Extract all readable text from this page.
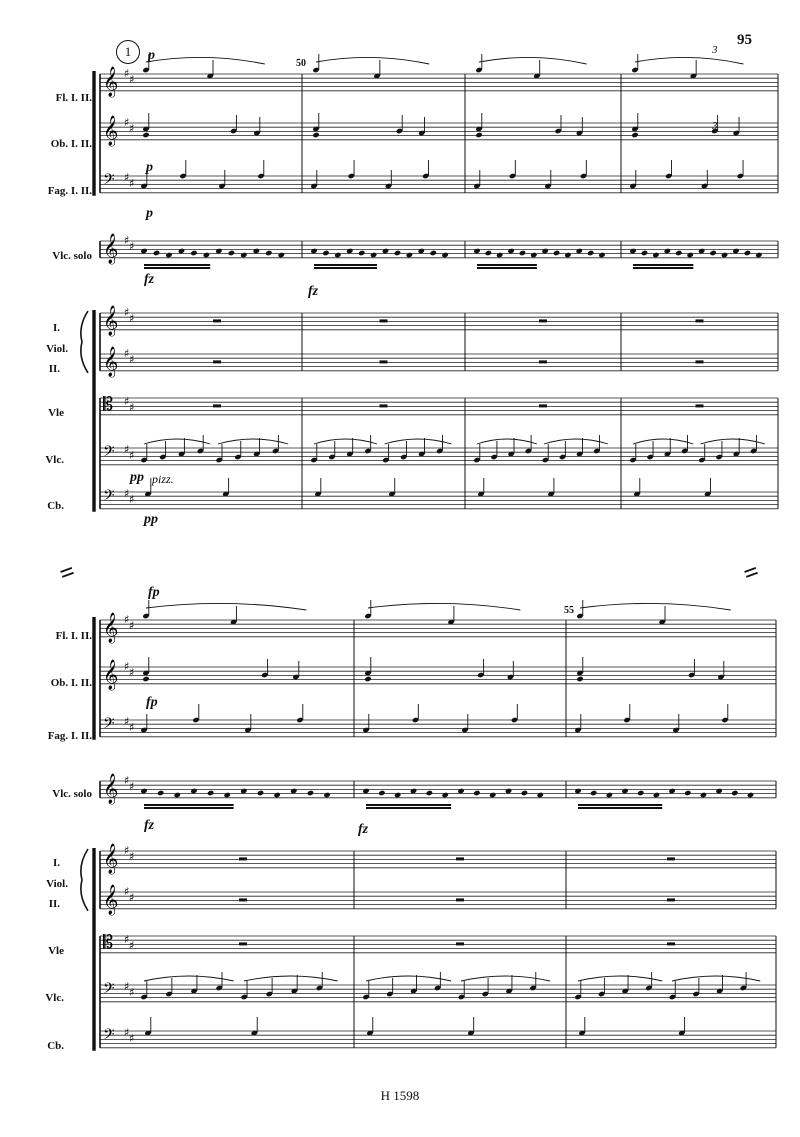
𝄞 ♯ ♯
𝄞 ♯ ♯
𝄢 ♯ ♯
𝄞 ♯ ♯
𝄞 ♯ ♯
𝄞 ♯ ♯
𝄡 ♯ ♯
𝄢 ♯ ♯
𝄢 ♯ ♯
𝄞 ♯ ♯
𝄞 ♯ ♯
𝄢 ♯ ♯
𝄞 ♯ ♯
𝄞 ♯ ♯
𝄞 ♯ ♯
𝄡 ♯ ♯
𝄢 ♯ ♯
𝄢 ♯ ♯
95
1
50
55
Fl. I. II.
Ob. I. II.
Fag. I. II.
Vlc. solo
I.
Viol.
II.
Vle
Vlc.
Cb.
Fl. I. II.
Ob. I. II.
Fag. I. II.
Vlc. solo
I.
Viol.
II.
Vle
Vlc.
Cb.
p
p
p
fz
fz
pp pizz.
pp
3
3
fp
fp
fz	fz
=	=
H 1598
